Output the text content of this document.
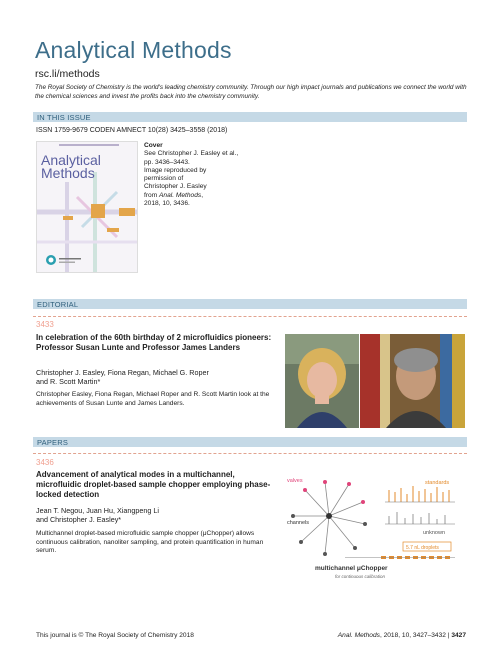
Analytical Methods
rsc.li/methods
The Royal Society of Chemistry is the world's leading chemistry community. Through our high impact journals and publications we connect the world with the chemical sciences and invest the profits back into the chemistry community.
IN THIS ISSUE
ISSN 1759-9679 CODEN AMNECT 10(28) 3425–3558 (2018)
Analytical
Methods
Cover
See Christopher J. Easley et al.,
pp. 3436–3443.
Image reproduced by
permission of
Christopher J. Easley
from Anal. Methods,
2018, 10, 3436.
EDITORIAL
3433
In celebration of the 60th birthday of 2 microfluidics pioneers: Professor Susan Lunte and Professor James Landers
Christopher J. Easley, Fiona Regan, Michael G. Roper
and R. Scott Martin*
Christopher Easley, Fiona Regan, Michael Roper and R. Scott Martin look at the achievements of Susan Lunte and James Landers.
PAPERS
3436
Advancement of analytical modes in a multichannel, microfluidic droplet-based sample chopper employing phase-locked detection
Jean T. Negou, Juan Hu, Xiangpeng Li
and Christopher J. Easley*
Multichannel droplet-based microfluidic sample chopper (μChopper) allows continuous calibration, nanoliter sampling, and protein quantification in human serum.
valves
channels
standards
unknown
5.7 nL droplets
multichannel μChopper
for continuous calibration
This journal is © The Royal Society of Chemistry 2018	Anal. Methods, 2018, 10, 3427–3432 | 3427
